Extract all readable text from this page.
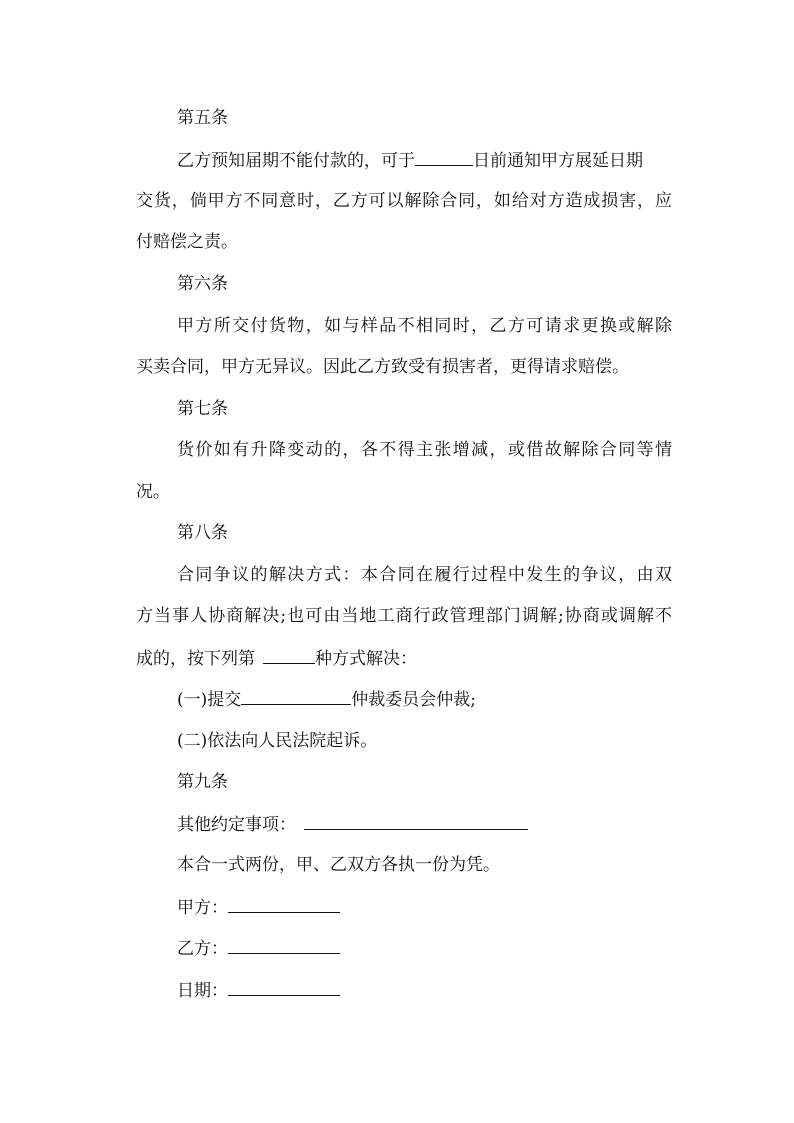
第五条

乙方预知届期不能付款的，可于	日前通知甲方展延日期

交货，倘甲方不同意时，乙方可以解除合同，如给对方造成损害，应

付赔偿之责。

第六条

甲方所交付货物，如与样品不相同时，乙方可请求更换或解除

买卖合同，甲方无异议。因此乙方致受有损害者，更得请求赔偿。

第七条

货价如有升降变动的，各不得主张增减，或借故解除合同等情

况。

第八条

合同争议的解决方式：本合同在履行过程中发生的争议，由双

方当事人协商解决;也可由当地工商行政管理部门调解;协商或调解不

成的，按下列第	种方式解决：

(一)提交	仲裁委员会仲裁;

(二)依法向人民法院起诉。

第九条

其他约定事项：

本合一式两份，甲、乙双方各执一份为凭。

甲方：

乙方：

日期：
